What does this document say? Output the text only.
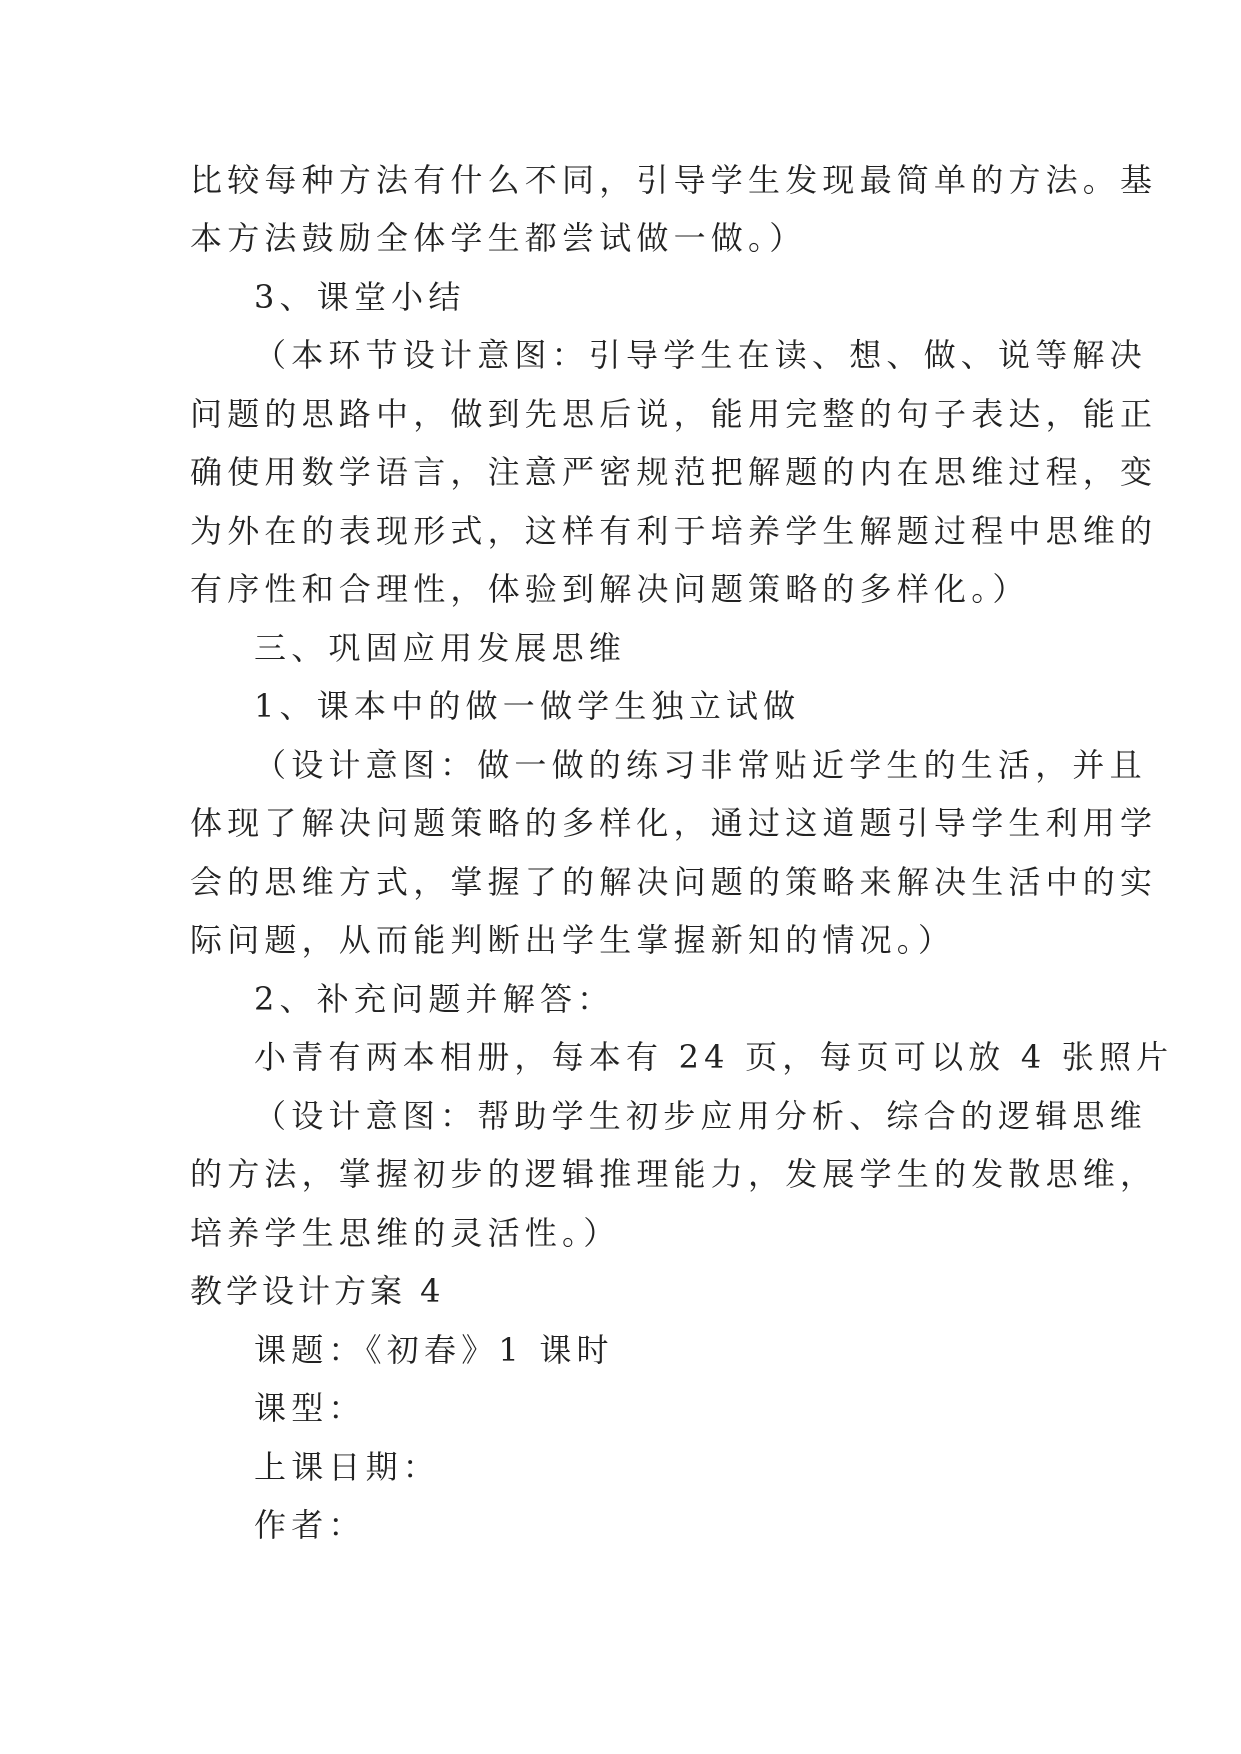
比较每种方法有什么不同，引导学生发现最简单的方法。基
本方法鼓励全体学生都尝试做一做。）
3、课堂小结
（本环节设计意图：引导学生在读、想、做、说等解决
问题的思路中，做到先思后说，能用完整的句子表达，能正
确使用数学语言，注意严密规范把解题的内在思维过程，变
为外在的表现形式，这样有利于培养学生解题过程中思维的
有序性和合理性，体验到解决问题策略的多样化。）
三、巩固应用发展思维
1、课本中的做一做学生独立试做
（设计意图：做一做的练习非常贴近学生的生活，并且
体现了解决问题策略的多样化，通过这道题引导学生利用学
会的思维方式，掌握了的解决问题的策略来解决生活中的实
际问题，从而能判断出学生掌握新知的情况。）
2、补充问题并解答：
小青有两本相册，每本有 24 页，每页可以放 4 张照片
（设计意图：帮助学生初步应用分析、综合的逻辑思维
的方法，掌握初步的逻辑推理能力，发展学生的发散思维，
培养学生思维的灵活性。）
教学设计方案 4
课题：《初春》1 课时
课型：
上课日期：
作者：
